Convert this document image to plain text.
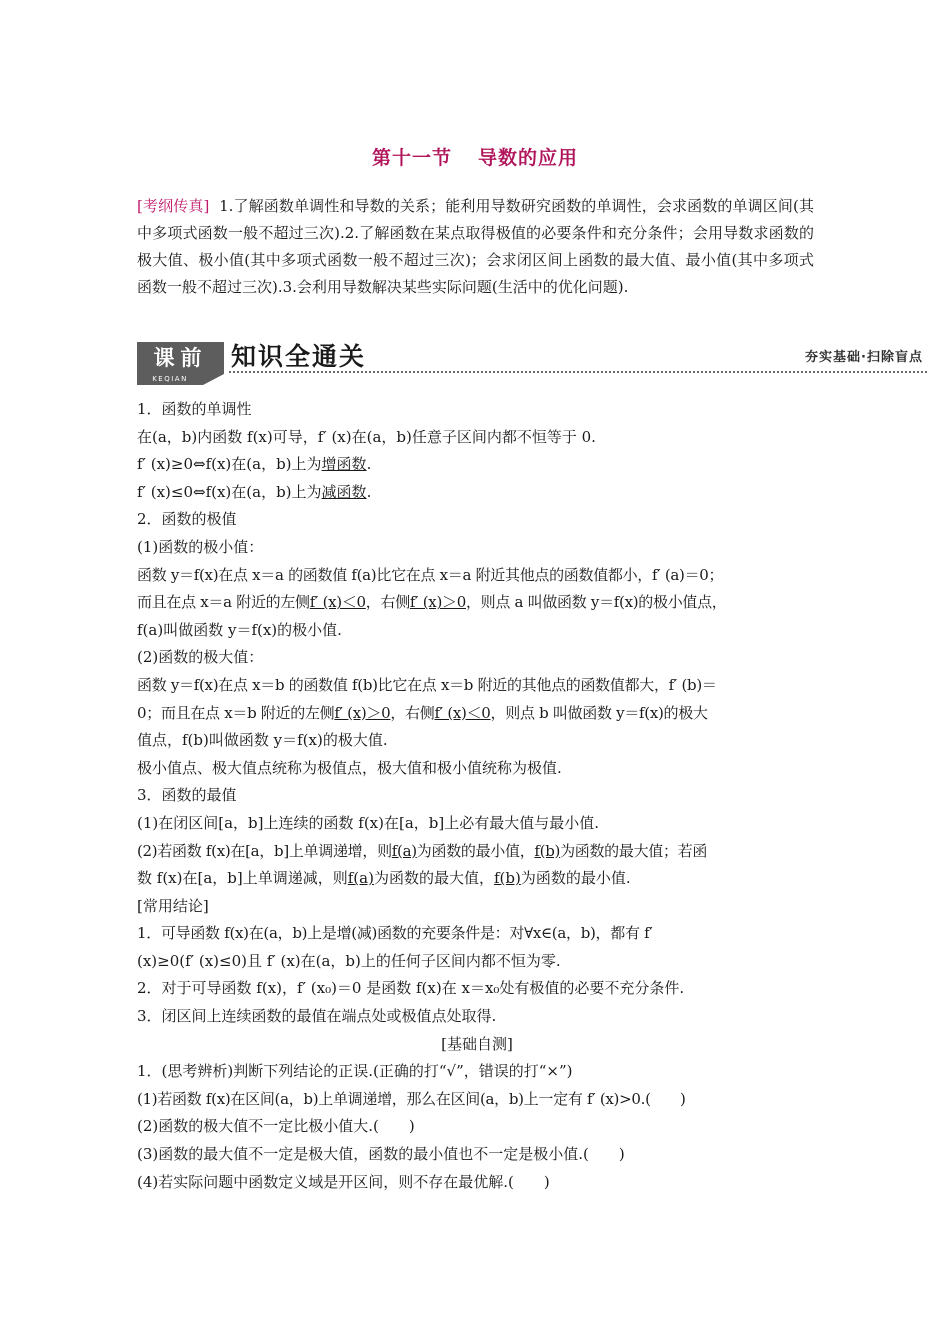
第十一节 导数的应用
[考纲传真] 1.了解函数单调性和导数的关系；能利用导数研究函数的单调性，会求函数的单调区间(其中多项式函数一般不超过三次).2.了解函数在某点取得极值的必要条件和充分条件；会用导数求函数的极大值、极小值(其中多项式函数一般不超过三次)；会求闭区间上函数的最大值、最小值(其中多项式函数一般不超过三次).3.会利用导数解决某些实际问题(生活中的优化问题).
课前
KEQIAN
知识全通关	夯实基础·扫除盲点

1．函数的单调性

在(a，b)内函数 f(x)可导，f′ (x)在(a，b)任意子区间内都不恒等于 0.

f′ (x)≥0⇔f(x)在(a，b)上为增函数.

f′ (x)≤0⇔f(x)在(a，b)上为减函数.

2．函数的极值

(1)函数的极小值：

函数 y＝f(x)在点 x＝a 的函数值 f(a)比它在点 x＝a 附近其他点的函数值都小，f′ (a)＝0；

而且在点 x＝a 附近的左侧f′ (x)＜0，右侧f′ (x)＞0，则点 a 叫做函数 y＝f(x)的极小值点，

f(a)叫做函数 y＝f(x)的极小值.

(2)函数的极大值：

函数 y＝f(x)在点 x＝b 的函数值 f(b)比它在点 x＝b 附近的其他点的函数值都大，f′ (b)＝

0；而且在点 x＝b 附近的左侧f′ (x)＞0，右侧f′ (x)＜0，则点 b 叫做函数 y＝f(x)的极大

值点，f(b)叫做函数 y＝f(x)的极大值.

极小值点、极大值点统称为极值点，极大值和极小值统称为极值.

3．函数的最值

(1)在闭区间[a，b]上连续的函数 f(x)在[a，b]上必有最大值与最小值.

(2)若函数 f(x)在[a，b]上单调递增，则f(a)为函数的最小值，f(b)为函数的最大值；若函

数 f(x)在[a，b]上单调递减，则f(a)为函数的最大值，f(b)为函数的最小值.

[常用结论]

1．可导函数 f(x)在(a，b)上是增(减)函数的充要条件是：对∀x∈(a，b)，都有 f′

(x)≥0(f′ (x)≤0)且 f′ (x)在(a，b)上的任何子区间内都不恒为零.

2．对于可导函数 f(x)，f′ (x₀)＝0 是函数 f(x)在 x＝x₀处有极值的必要不充分条件.

3．闭区间上连续函数的最值在端点处或极值点处取得.

[基础自测]

1．(思考辨析)判断下列结论的正误.(正确的打“√”，错误的打“×”)

(1)若函数 f(x)在区间(a，b)上单调递增，那么在区间(a，b)上一定有 f′ (x)>0.(　　)

(2)函数的极大值不一定比极小值大.(　　)

(3)函数的最大值不一定是极大值，函数的最小值也不一定是极小值.(　　)

(4)若实际问题中函数定义域是开区间，则不存在最优解.(　　)
